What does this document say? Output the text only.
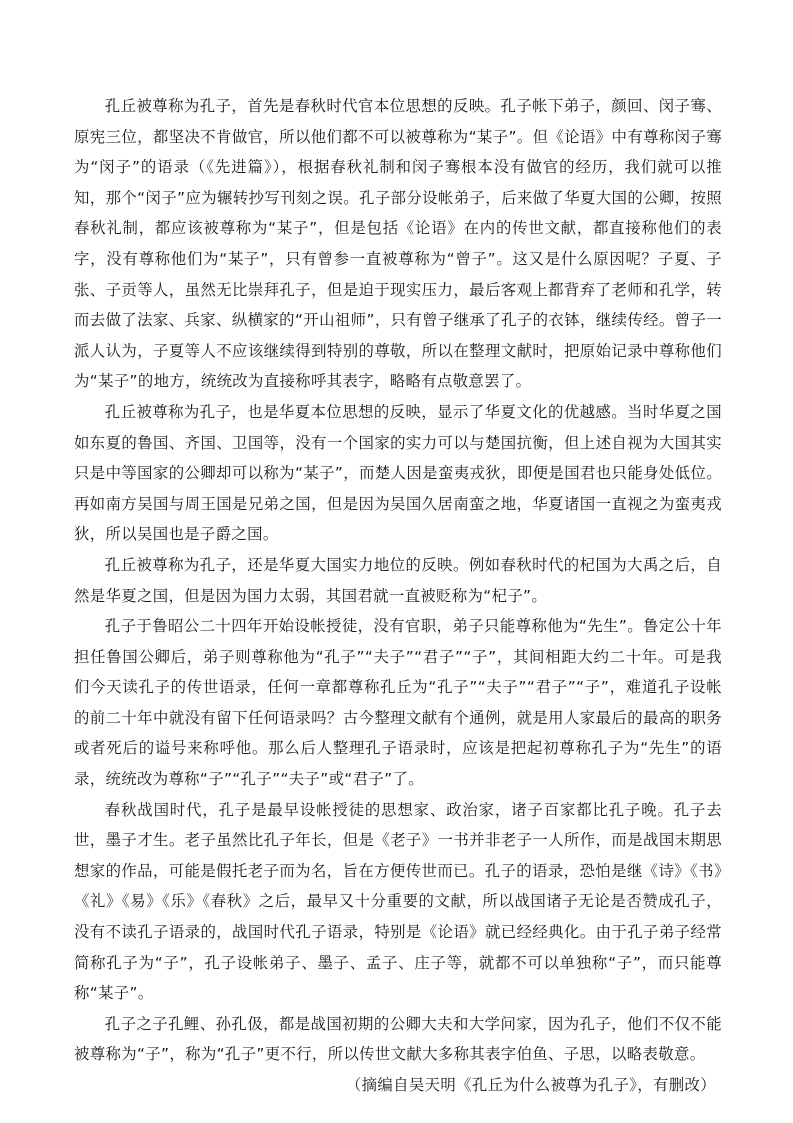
孔丘被尊称为孔子，首先是春秋时代官本位思想的反映。孔子帐下弟子，颜回、闵子骞、原宪三位，都坚决不肯做官，所以他们都不可以被尊称为“某子”。但《论语》中有尊称闵子骞为“闵子”的语录（《先进篇》），根据春秋礼制和闵子骞根本没有做官的经历，我们就可以推知，那个“闵子”应为辗转抄写刊刻之误。孔子部分设帐弟子，后来做了华夏大国的公卿，按照春秋礼制，都应该被尊称为“某子”，但是包括《论语》在内的传世文献，都直接称他们的表字，没有尊称他们为“某子”，只有曾参一直被尊称为“曾子”。这又是什么原因呢？子夏、子张、子贡等人，虽然无比崇拜孔子，但是迫于现实压力，最后客观上都背弃了老师和孔学，转而去做了法家、兵家、纵横家的“开山祖师”，只有曾子继承了孔子的衣钵，继续传经。曾子一派人认为，子夏等人不应该继续得到特别的尊敬，所以在整理文献时，把原始记录中尊称他们为“某子”的地方，统统改为直接称呼其表字，略略有点敬意罢了。

孔丘被尊称为孔子，也是华夏本位思想的反映，显示了华夏文化的优越感。当时华夏之国如东夏的鲁国、齐国、卫国等，没有一个国家的实力可以与楚国抗衡，但上述自视为大国其实只是中等国家的公卿却可以称为“某子”，而楚人因是蛮夷戎狄，即便是国君也只能身处低位。再如南方吴国与周王国是兄弟之国，但是因为吴国久居南蛮之地，华夏诸国一直视之为蛮夷戎狄，所以吴国也是子爵之国。

孔丘被尊称为孔子，还是华夏大国实力地位的反映。例如春秋时代的杞国为大禹之后，自然是华夏之国，但是因为国力太弱，其国君就一直被贬称为“杞子”。

孔子于鲁昭公二十四年开始设帐授徒，没有官职，弟子只能尊称他为“先生”。鲁定公十年担任鲁国公卿后，弟子则尊称他为“孔子”“夫子”“君子”“子”，其间相距大约二十年。可是我们今天读孔子的传世语录，任何一章都尊称孔丘为“孔子”“夫子”“君子”“子”，难道孔子设帐的前二十年中就没有留下任何语录吗？古今整理文献有个通例，就是用人家最后的最高的职务或者死后的谥号来称呼他。那么后人整理孔子语录时，应该是把起初尊称孔子为“先生”的语录，统统改为尊称“子”“孔子”“夫子”或“君子”了。

春秋战国时代，孔子是最早设帐授徒的思想家、政治家，诸子百家都比孔子晚。孔子去世，墨子才生。老子虽然比孔子年长，但是《老子》一书并非老子一人所作，而是战国末期思想家的作品，可能是假托老子而为名，旨在方便传世而已。孔子的语录，恐怕是继《诗》《书》《礼》《易》《乐》《春秋》之后，最早又十分重要的文献，所以战国诸子无论是否赞成孔子，没有不读孔子语录的，战国时代孔子语录，特别是《论语》就已经经典化。由于孔子弟子经常简称孔子为“子”，孔子设帐弟子、墨子、孟子、庄子等，就都不可以单独称“子”，而只能尊称“某子”。

孔子之子孔鲤、孙孔伋，都是战国初期的公卿大夫和大学问家，因为孔子，他们不仅不能被尊称为“子”，称为“孔子”更不行，所以传世文献大多称其表字伯鱼、子思，以略表敬意。

（摘编自吴天明《孔丘为什么被尊为孔子》，有删改）
